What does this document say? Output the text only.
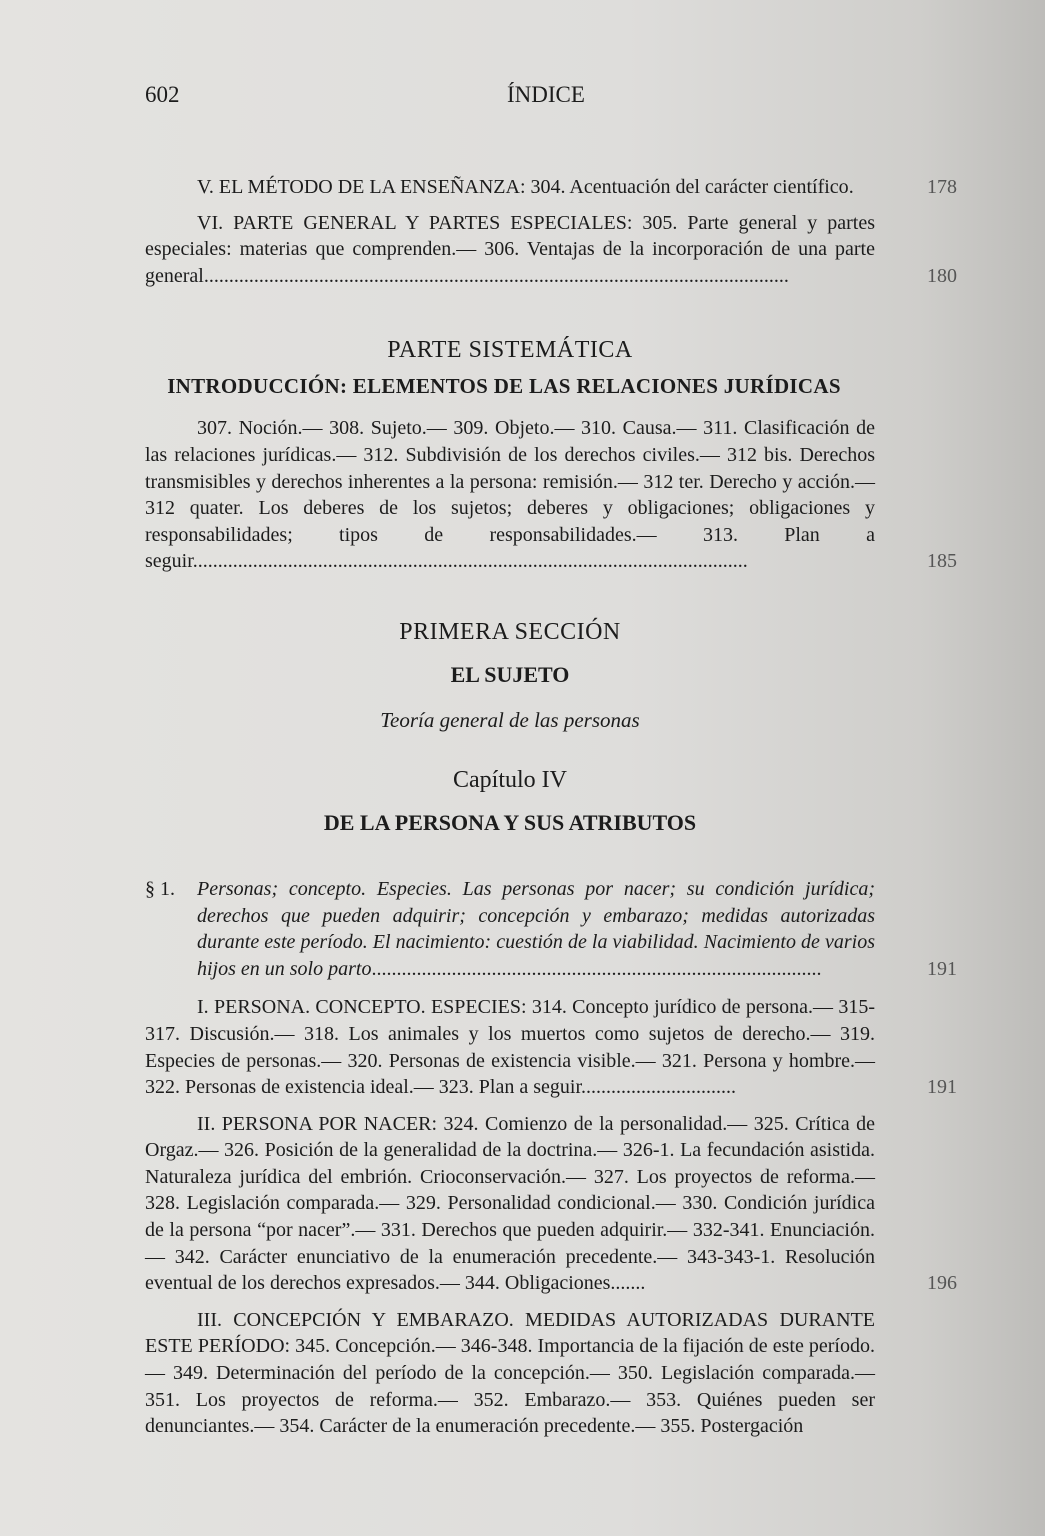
602	ÍNDICE

V. EL MÉTODO DE LA ENSEÑANZA: 304. Acentuación del carácter científico.	178

VI. PARTE GENERAL Y PARTES ESPECIALES: 305. Parte general y partes especiales: materias que comprenden.— 306. Ventajas de la incorporación de una parte general.....................................................................................................................	180

PARTE SISTEMÁTICA

INTRODUCCIÓN: ELEMENTOS DE LAS RELACIONES JURÍDICAS

307. Noción.— 308. Sujeto.— 309. Objeto.— 310. Causa.— 311. Clasificación de las relaciones jurídicas.— 312. Subdivisión de los derechos civiles.— 312 bis. Derechos transmisibles y derechos inherentes a la persona: remisión.— 312 ter. Derecho y acción.— 312 quater. Los deberes de los sujetos; deberes y obligaciones; obligaciones y responsabilidades; tipos de responsabilidades.— 313. Plan a seguir...............................................................................................................	185

PRIMERA SECCIÓN

EL SUJETO

Teoría general de las personas

Capítulo IV

DE LA PERSONA Y SUS ATRIBUTOS

§ 1. Personas; concepto. Especies. Las personas por nacer; su condición jurídica; derechos que pueden adquirir; concepción y embarazo; medidas autorizadas durante este período. El nacimiento: cuestión de la viabilidad. Nacimiento de varios hijos en un solo parto..........................................................................................	191

I. PERSONA. CONCEPTO. ESPECIES: 314. Concepto jurídico de persona.— 315-317. Discusión.— 318. Los animales y los muertos como sujetos de derecho.— 319. Especies de personas.— 320. Personas de existencia visible.— 321. Persona y hombre.— 322. Personas de existencia ideal.— 323. Plan a seguir...............................	191

II. PERSONA POR NACER: 324. Comienzo de la personalidad.— 325. Crítica de Orgaz.— 326. Posición de la generalidad de la doctrina.— 326-1. La fecundación asistida. Naturaleza jurídica del embrión. Crioconservación.— 327. Los proyectos de reforma.— 328. Legislación comparada.— 329. Personalidad condicional.— 330. Condición jurídica de la persona “por nacer”.— 331. Derechos que pueden adquirir.— 332-341. Enunciación.— 342. Carácter enunciativo de la enumeración precedente.— 343-343-1. Resolución eventual de los derechos expresados.— 344. Obligaciones.......	196

III. CONCEPCIÓN Y EMBARAZO. MEDIDAS AUTORIZADAS DURANTE ESTE PERÍODO: 345. Concepción.— 346-348. Importancia de la fijación de este período.— 349. Determinación del período de la concepción.— 350. Legislación comparada.— 351. Los proyectos de reforma.— 352. Embarazo.— 353. Quiénes pueden ser denunciantes.— 354. Carácter de la enumeración precedente.— 355. Postergación
